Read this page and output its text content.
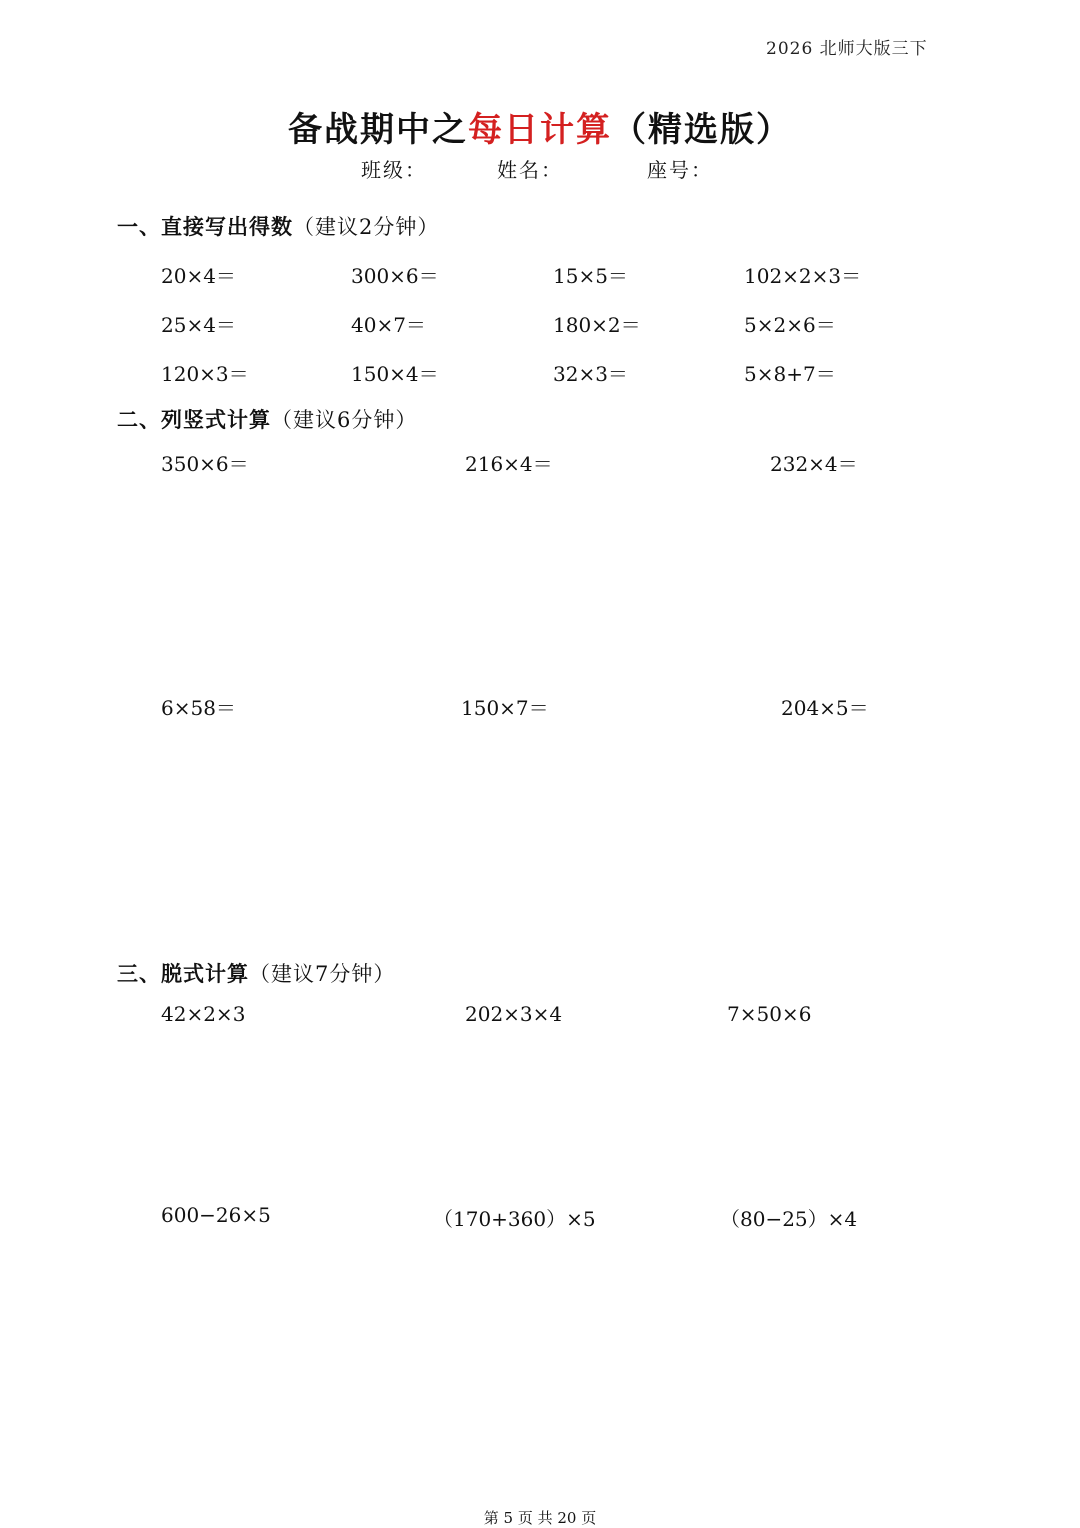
2026 北师大版三下
备战期中之每日计算（精选版）
班级：	姓名：	座号：
一、直接写出得数（建议2分钟）
20×4＝	300×6＝	15×5＝	102×2×3＝
25×4＝	40×7＝	180×2＝	5×2×6＝
120×3＝	150×4＝	32×3＝	5×8+7＝
二、列竖式计算（建议6分钟）
350×6＝	216×4＝	232×4＝
6×58＝	150×7＝	204×5＝
三、脱式计算（建议7分钟）
42×2×3	202×3×4	7×50×6
600−26×5	（170+360）×5	（80−25）×4
第 5 页 共 20 页
